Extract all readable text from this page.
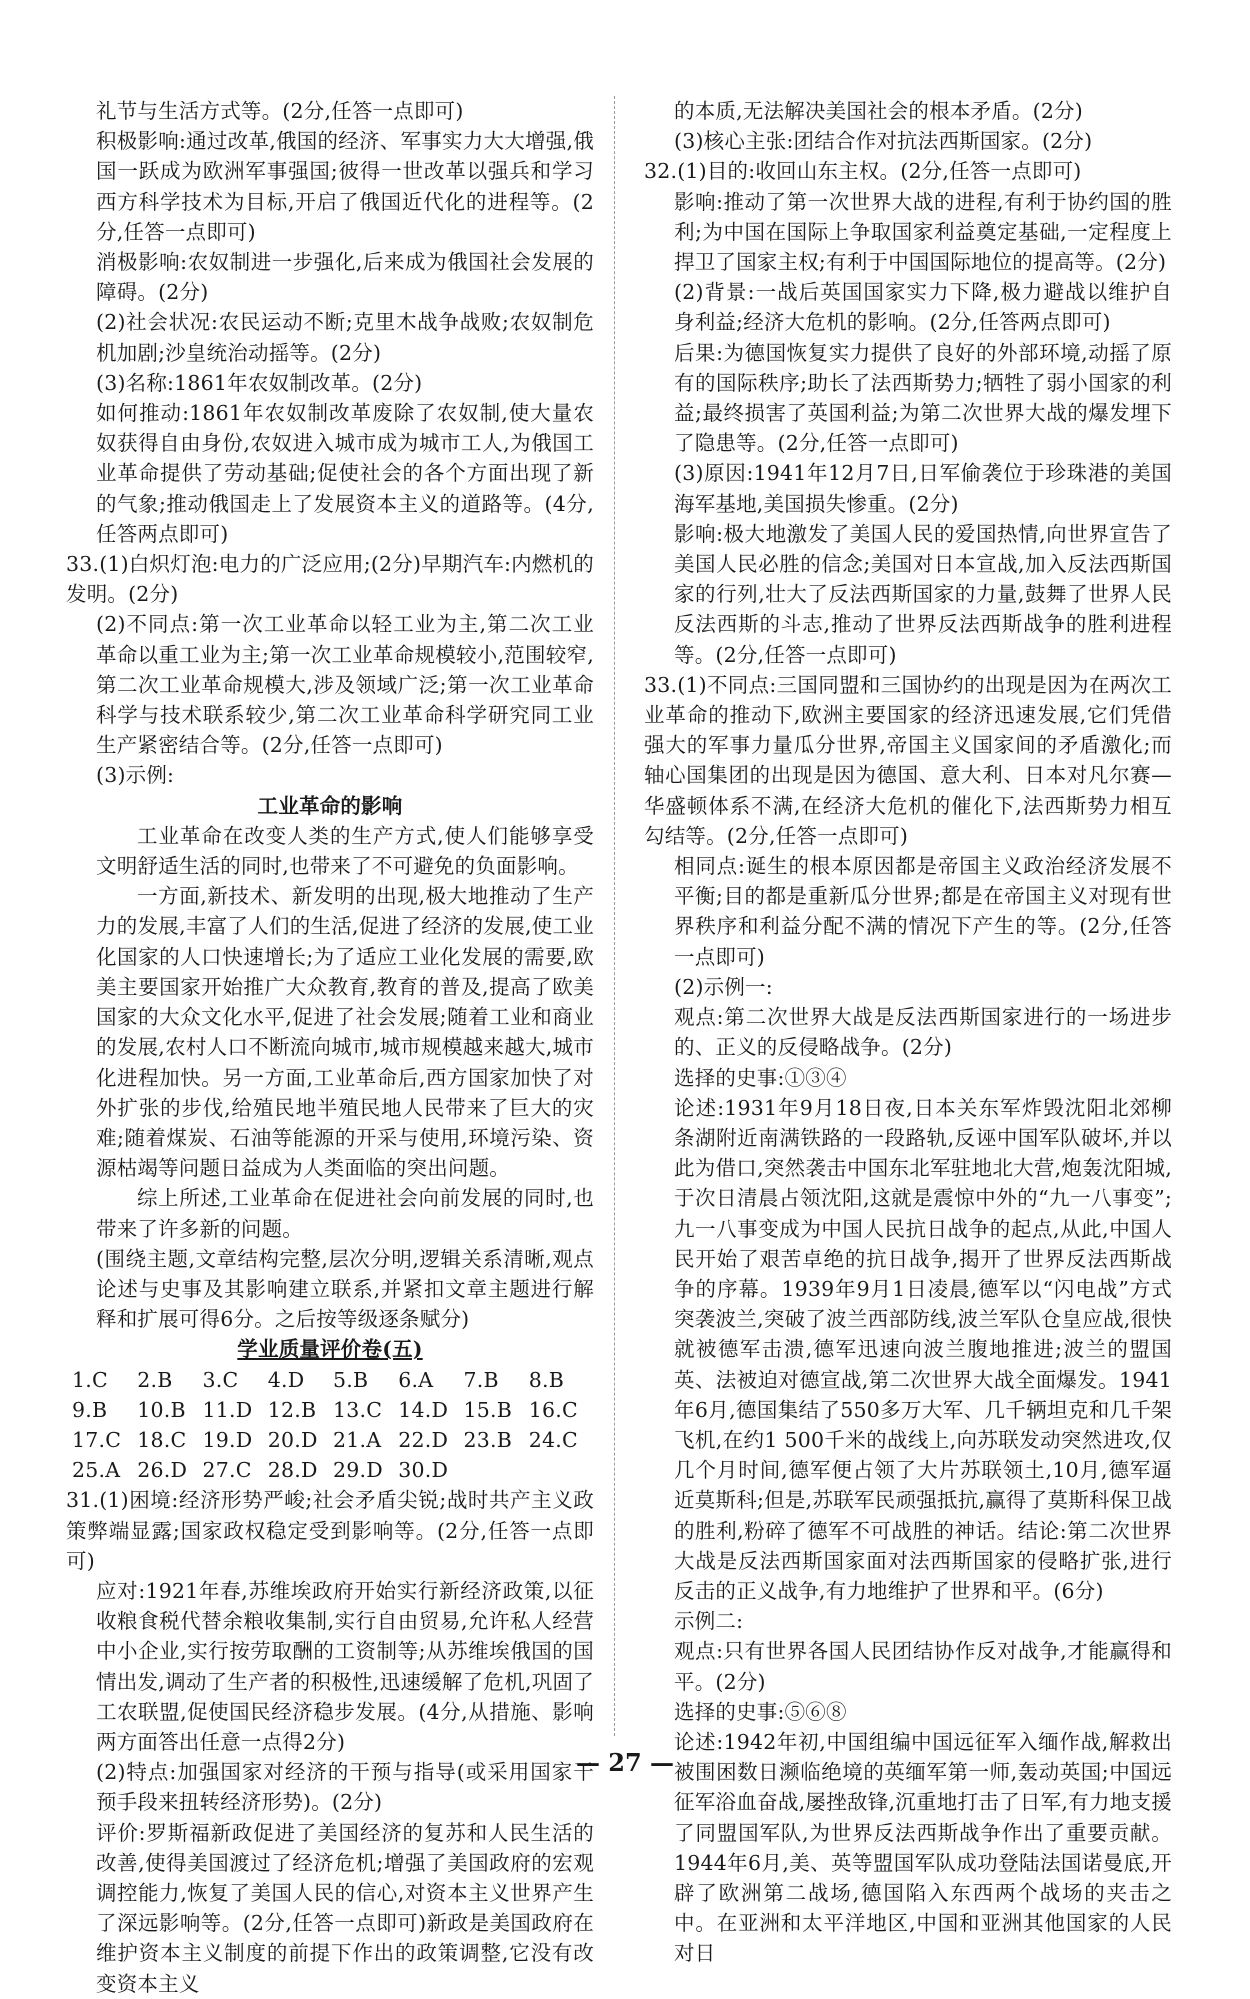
礼节与生活方式等。(2分,任答一点即可)

积极影响:通过改革,俄国的经济、军事实力大大增强,俄国一跃成为欧洲军事强国;彼得一世改革以强兵和学习西方科学技术为目标,开启了俄国近代化的进程等。(2分,任答一点即可)

消极影响:农奴制进一步强化,后来成为俄国社会发展的障碍。(2分)

(2)社会状况:农民运动不断;克里木战争战败;农奴制危机加剧;沙皇统治动摇等。(2分)

(3)名称:1861年农奴制改革。(2分)

如何推动:1861年农奴制改革废除了农奴制,使大量农奴获得自由身份,农奴进入城市成为城市工人,为俄国工业革命提供了劳动基础;促使社会的各个方面出现了新的气象;推动俄国走上了发展资本主义的道路等。(4分,任答两点即可)

33.(1)白炽灯泡:电力的广泛应用;(2分)早期汽车:内燃机的发明。(2分)

(2)不同点:第一次工业革命以轻工业为主,第二次工业革命以重工业为主;第一次工业革命规模较小,范围较窄,第二次工业革命规模大,涉及领域广泛;第一次工业革命科学与技术联系较少,第二次工业革命科学研究同工业生产紧密结合等。(2分,任答一点即可)

(3)示例:

工业革命的影响

工业革命在改变人类的生产方式,使人们能够享受文明舒适生活的同时,也带来了不可避免的负面影响。

一方面,新技术、新发明的出现,极大地推动了生产力的发展,丰富了人们的生活,促进了经济的发展,使工业化国家的人口快速增长;为了适应工业化发展的需要,欧美主要国家开始推广大众教育,教育的普及,提高了欧美国家的大众文化水平,促进了社会发展;随着工业和商业的发展,农村人口不断流向城市,城市规模越来越大,城市化进程加快。另一方面,工业革命后,西方国家加快了对外扩张的步伐,给殖民地半殖民地人民带来了巨大的灾难;随着煤炭、石油等能源的开采与使用,环境污染、资源枯竭等问题日益成为人类面临的突出问题。

综上所述,工业革命在促进社会向前发展的同时,也带来了许多新的问题。

(围绕主题,文章结构完整,层次分明,逻辑关系清晰,观点论述与史事及其影响建立联系,并紧扣文章主题进行解释和扩展可得6分。之后按等级逐条赋分)

学业质量评价卷(五)

1.C	2.B	3.C	4.D	5.B	6.A	7.B	8.B
9.B	10.B 11.D 12.B 13.C 14.D 15.B 16.C
17.C 18.C 19.D 20.D 21.A 22.D 23.B 24.C
25.A 26.D 27.C 28.D 29.D 30.D

31.(1)困境:经济形势严峻;社会矛盾尖锐;战时共产主义政策弊端显露;国家政权稳定受到影响等。(2分,任答一点即可)

应对:1921年春,苏维埃政府开始实行新经济政策,以征收粮食税代替余粮收集制,实行自由贸易,允许私人经营中小企业,实行按劳取酬的工资制等;从苏维埃俄国的国情出发,调动了生产者的积极性,迅速缓解了危机,巩固了工农联盟,促使国民经济稳步发展。(4分,从措施、影响两方面答出任意一点得2分)

(2)特点:加强国家对经济的干预与指导(或采用国家干预手段来扭转经济形势)。(2分)

评价:罗斯福新政促进了美国经济的复苏和人民生活的改善,使得美国渡过了经济危机;增强了美国政府的宏观调控能力,恢复了美国人民的信心,对资本主义世界产生了深远影响等。(2分,任答一点即可)新政是美国政府在维护资本主义制度的前提下作出的政策调整,它没有改变资本主义

的本质,无法解决美国社会的根本矛盾。(2分)

(3)核心主张:团结合作对抗法西斯国家。(2分)

32.(1)目的:收回山东主权。(2分,任答一点即可)

影响:推动了第一次世界大战的进程,有利于协约国的胜利;为中国在国际上争取国家利益奠定基础,一定程度上捍卫了国家主权;有利于中国国际地位的提高等。(2分)

(2)背景:一战后英国国家实力下降,极力避战以维护自身利益;经济大危机的影响。(2分,任答两点即可)

后果:为德国恢复实力提供了良好的外部环境,动摇了原有的国际秩序;助长了法西斯势力;牺牲了弱小国家的利益;最终损害了英国利益;为第二次世界大战的爆发埋下了隐患等。(2分,任答一点即可)

(3)原因:1941年12月7日,日军偷袭位于珍珠港的美国海军基地,美国损失惨重。(2分)

影响:极大地激发了美国人民的爱国热情,向世界宣告了美国人民必胜的信念;美国对日本宣战,加入反法西斯国家的行列,壮大了反法西斯国家的力量,鼓舞了世界人民反法西斯的斗志,推动了世界反法西斯战争的胜利进程等。(2分,任答一点即可)

33.(1)不同点:三国同盟和三国协约的出现是因为在两次工业革命的推动下,欧洲主要国家的经济迅速发展,它们凭借强大的军事力量瓜分世界,帝国主义国家间的矛盾激化;而轴心国集团的出现是因为德国、意大利、日本对凡尔赛—华盛顿体系不满,在经济大危机的催化下,法西斯势力相互勾结等。(2分,任答一点即可)

相同点:诞生的根本原因都是帝国主义政治经济发展不平衡;目的都是重新瓜分世界;都是在帝国主义对现有世界秩序和利益分配不满的情况下产生的等。(2分,任答一点即可)

(2)示例一:

观点:第二次世界大战是反法西斯国家进行的一场进步的、正义的反侵略战争。(2分)

选择的史事:①③④

论述:1931年9月18日夜,日本关东军炸毁沈阳北郊柳条湖附近南满铁路的一段路轨,反诬中国军队破坏,并以此为借口,突然袭击中国东北军驻地北大营,炮轰沈阳城,于次日清晨占领沈阳,这就是震惊中外的“九一八事变”;九一八事变成为中国人民抗日战争的起点,从此,中国人民开始了艰苦卓绝的抗日战争,揭开了世界反法西斯战争的序幕。1939年9月1日凌晨,德军以“闪电战”方式突袭波兰,突破了波兰西部防线,波兰军队仓皇应战,很快就被德军击溃,德军迅速向波兰腹地推进;波兰的盟国英、法被迫对德宣战,第二次世界大战全面爆发。1941年6月,德国集结了550多万大军、几千辆坦克和几千架飞机,在约1 500千米的战线上,向苏联发动突然进攻,仅几个月时间,德军便占领了大片苏联领土,10月,德军逼近莫斯科;但是,苏联军民顽强抵抗,赢得了莫斯科保卫战的胜利,粉碎了德军不可战胜的神话。结论:第二次世界大战是反法西斯国家面对法西斯国家的侵略扩张,进行反击的正义战争,有力地维护了世界和平。(6分)

示例二:

观点:只有世界各国人民团结协作反对战争,才能赢得和平。(2分)

选择的史事:⑤⑥⑧

论述:1942年初,中国组编中国远征军入缅作战,解救出被围困数日濒临绝境的英缅军第一师,轰动英国;中国远征军浴血奋战,屡挫敌锋,沉重地打击了日军,有力地支援了同盟国军队,为世界反法西斯战争作出了重要贡献。1944年6月,美、英等盟国军队成功登陆法国诺曼底,开辟了欧洲第二战场,德国陷入东西两个战场的夹击之中。在亚洲和太平洋地区,中国和亚洲其他国家的人民对日

— 27 —
